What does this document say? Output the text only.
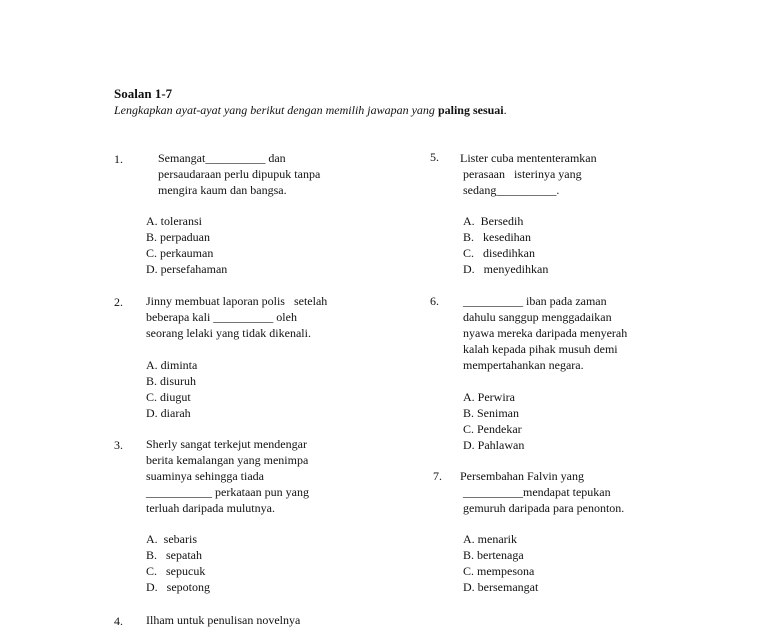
Soalan 1-7
Lengkapkan ayat-ayat yang berikut dengan memilih jawapan yang paling sesuai.
1.	Semangat__________ dan
persaudaraan perlu dipupuk tanpa
mengira kaum dan bangsa.
A. toleransi
B. perpaduan
C. perkauman
D. persefahaman
2. Jinny membuat laporan polis   setelah
beberapa kali __________ oleh
seorang lelaki yang tidak dikenali.
A. diminta
B. disuruh
C. diugut
D. diarah
3. Sherly sangat terkejut mendengar
berita kemalangan yang menimpa
suaminya sehingga tiada
___________ perkataan pun yang
terluah daripada mulutnya.
A.  sebaris
B.   sepatah
C.   sepucuk
D.   sepotong
4. Ilham untuk penulisan novelnya
5. Lister cuba mententeramkan
perasaan   isterinya yang
sedang__________.
A.  Bersedih
B.   kesedihan
C.   disedihkan
D.   menyedihkan
6. __________ iban pada zaman
dahulu sanggup menggadaikan
nyawa mereka daripada menyerah
kalah kepada pihak musuh demi
mempertahankan negara.
A. Perwira
B. Seniman
C. Pendekar
D. Pahlawan
7. Persembahan Falvin yang
__________mendapat tepukan
gemuruh daripada para penonton.
A. menarik
B. bertenaga
C. mempesona
D. bersemangat
